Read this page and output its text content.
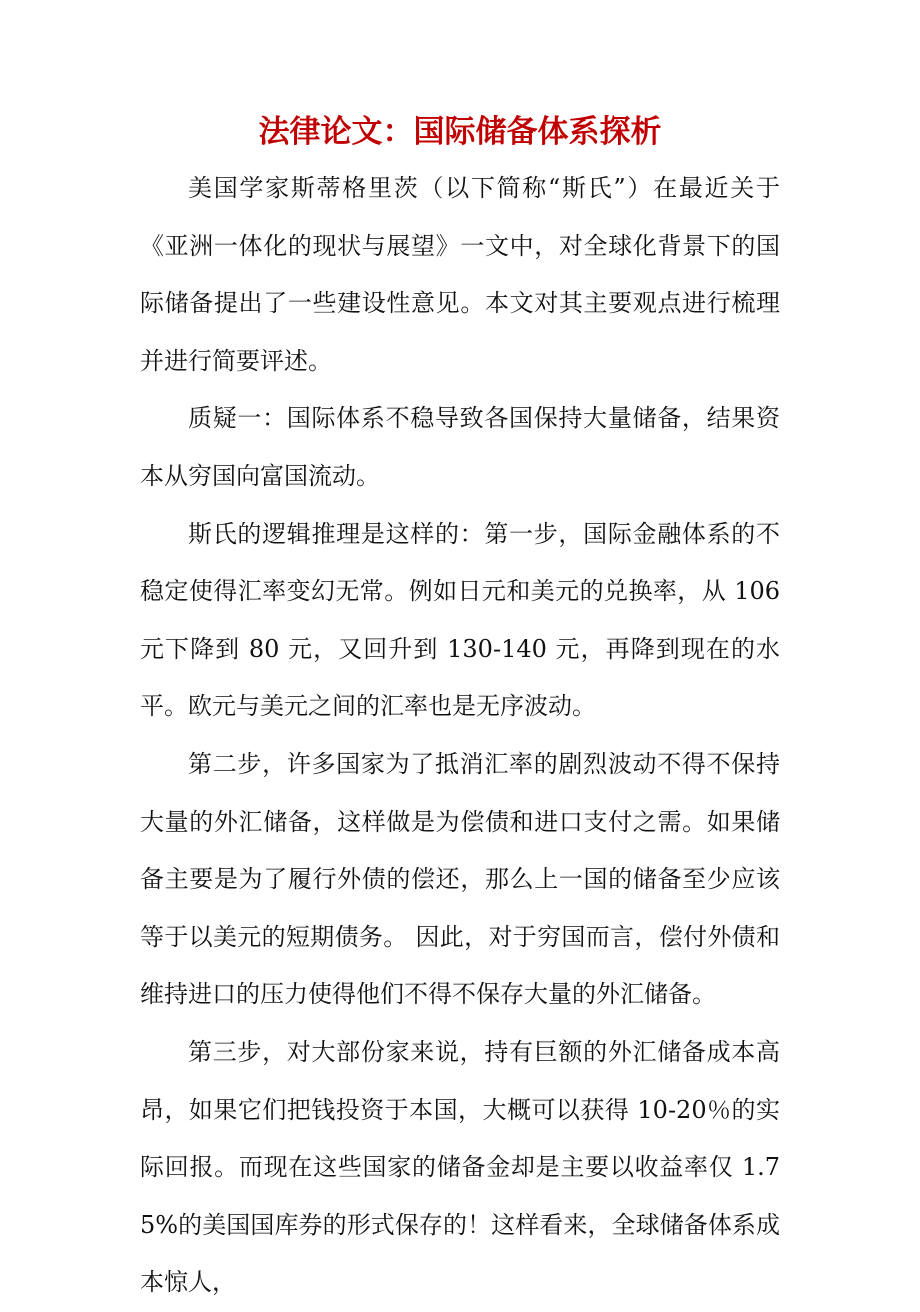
法律论文：国际储备体系探析

美国学家斯蒂格里茨（以下简称“斯氏”）在最近关于《亚洲一体化的现状与展望》一文中，对全球化背景下的国际储备提出了一些建设性意见。本文对其主要观点进行梳理并进行简要评述。

质疑一：国际体系不稳导致各国保持大量储备，结果资本从穷国向富国流动。

斯氏的逻辑推理是这样的：第一步，国际金融体系的不稳定使得汇率变幻无常。例如日元和美元的兑换率，从 106 元下降到 80 元，又回升到 130-140 元，再降到现在的水平。欧元与美元之间的汇率也是无序波动。

第二步，许多国家为了抵消汇率的剧烈波动不得不保持大量的外汇储备，这样做是为偿债和进口支付之需。如果储备主要是为了履行外债的偿还，那么上一国的储备至少应该等于以美元的短期债务。 因此，对于穷国而言，偿付外债和维持进口的压力使得他们不得不保存大量的外汇储备。

第三步，对大部份家来说，持有巨额的外汇储备成本高昂，如果它们把钱投资于本国，大概可以获得 10-20％的实际回报。而现在这些国家的储备金却是主要以收益率仅 1.75%的美国国库券的形式保存的！这样看来，全球储备体系成本惊人，
